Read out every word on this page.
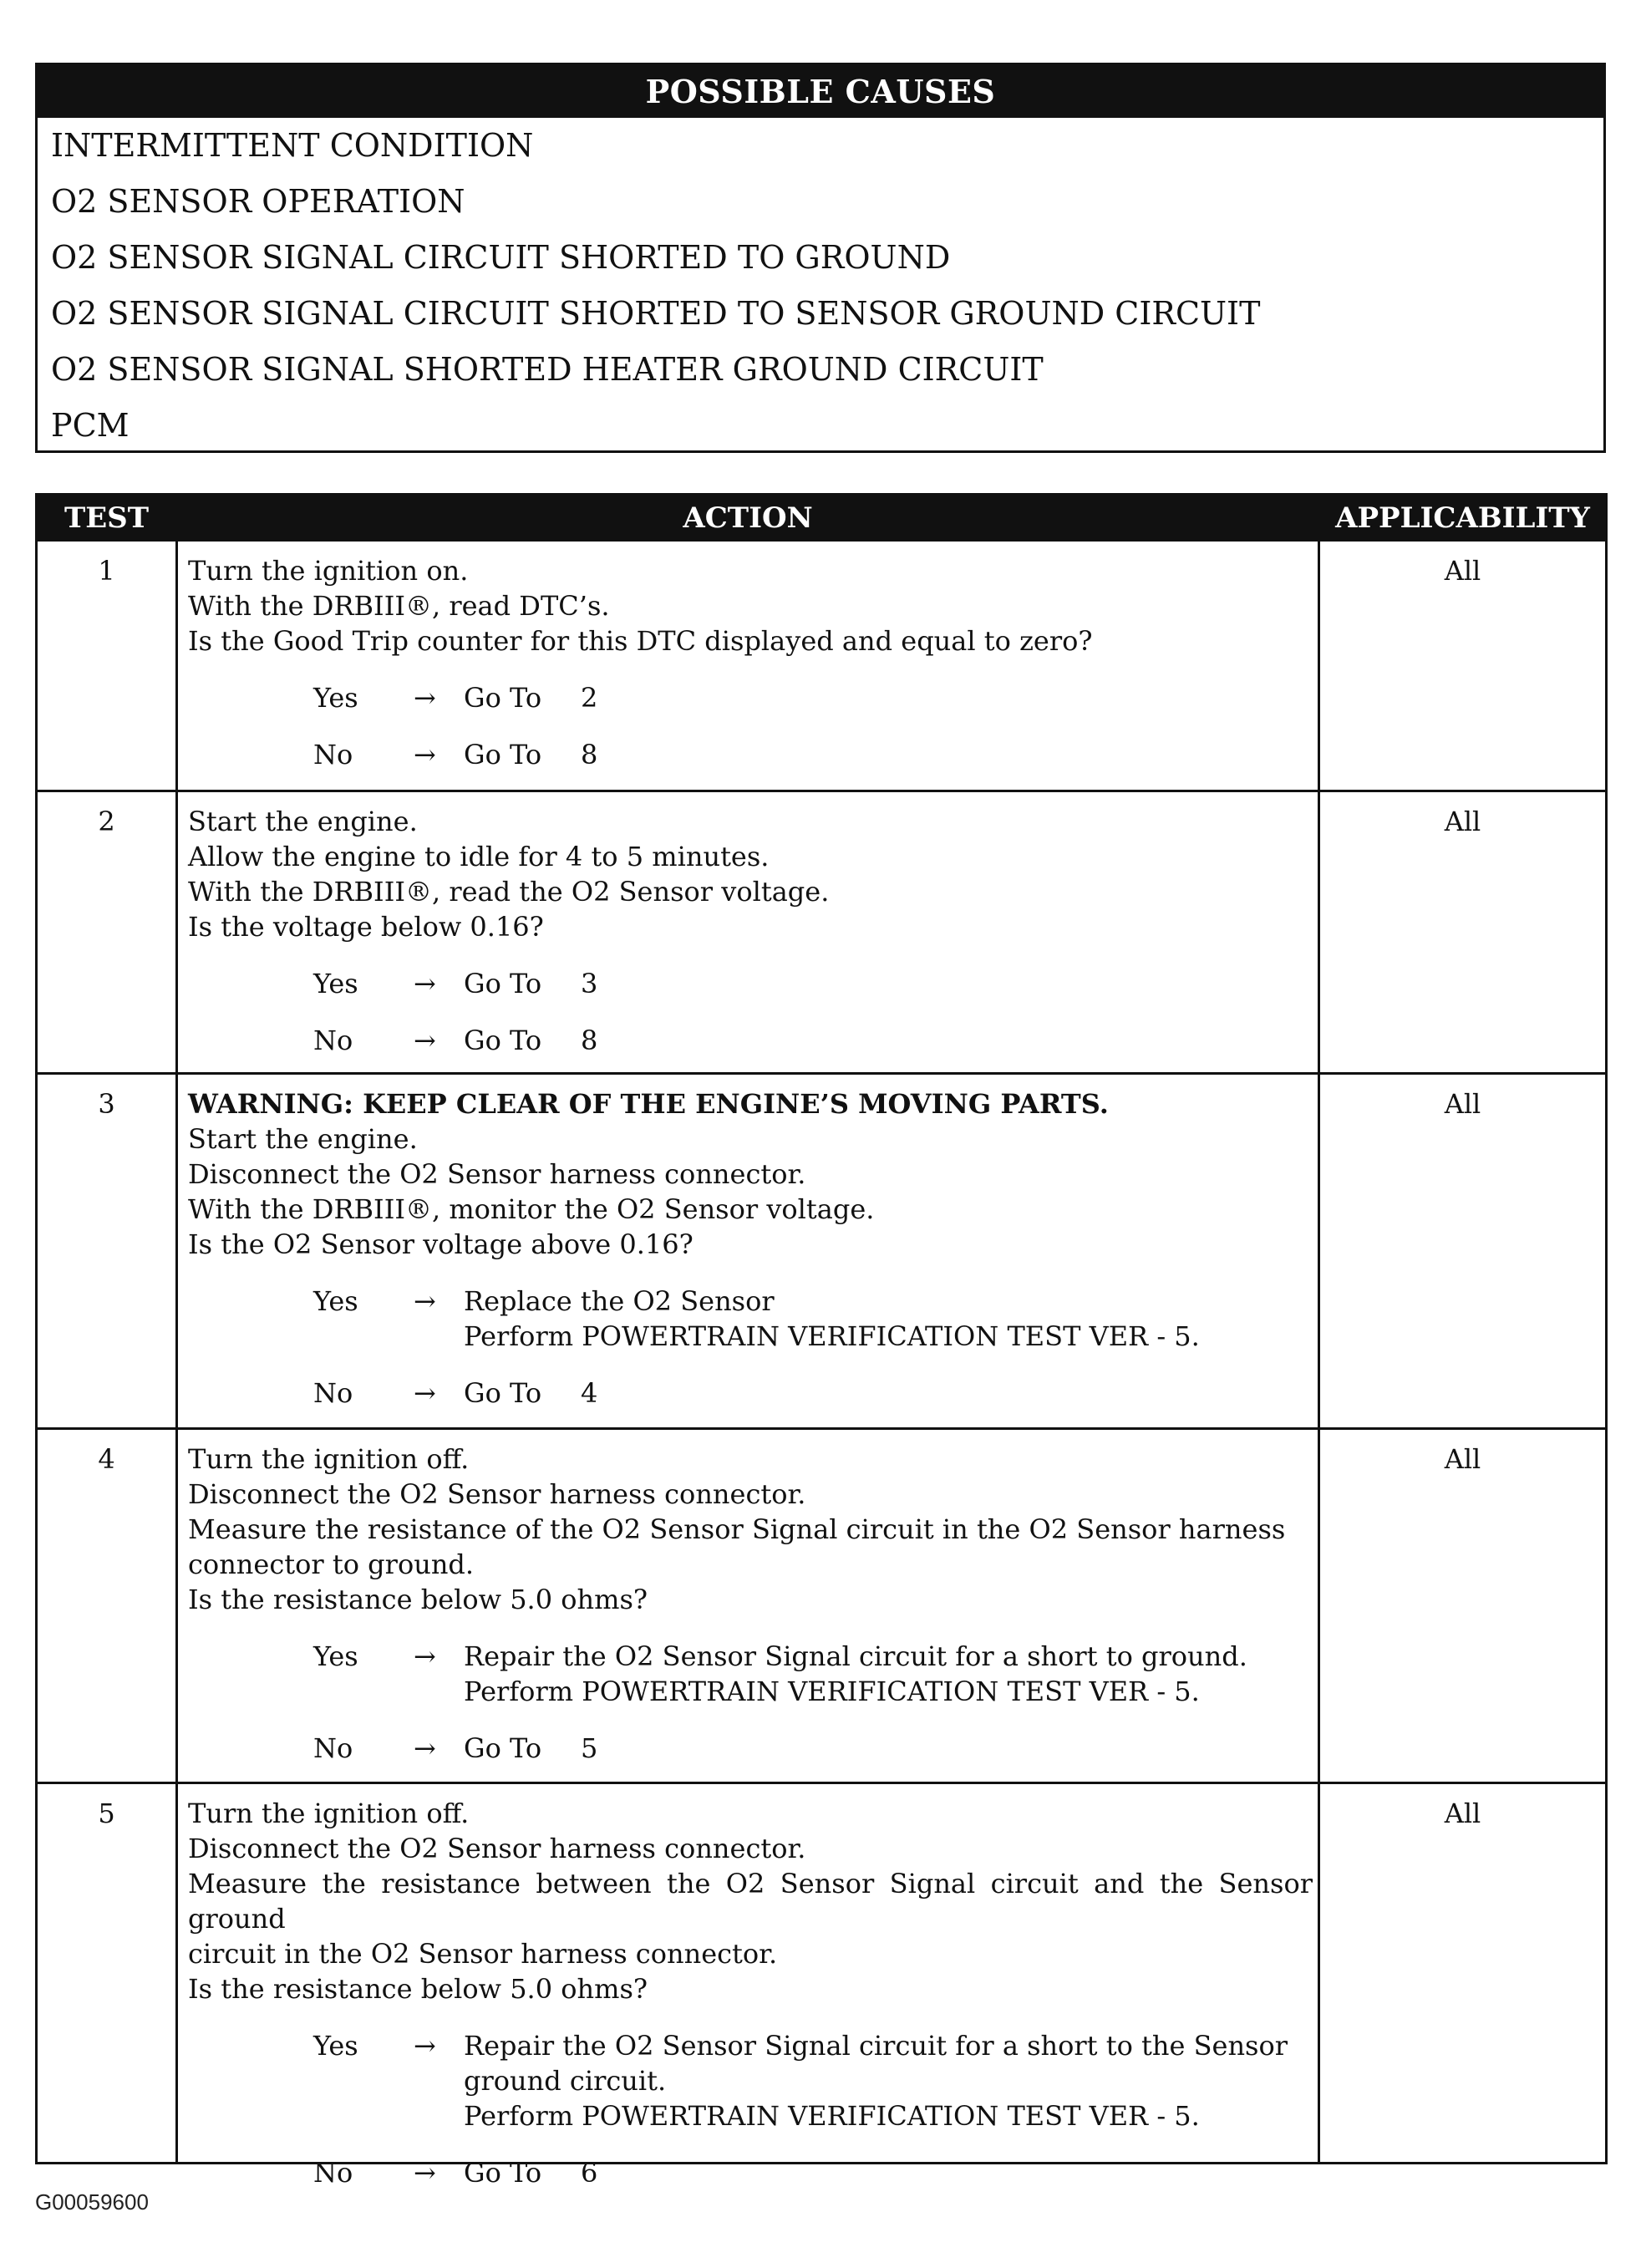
POSSIBLE CAUSES
INTERMITTENT CONDITION
O2 SENSOR OPERATION
O2 SENSOR SIGNAL CIRCUIT SHORTED TO GROUND
O2 SENSOR SIGNAL CIRCUIT SHORTED TO SENSOR GROUND CIRCUIT
O2 SENSOR SIGNAL SHORTED HEATER GROUND CIRCUIT
PCM
TEST	ACTION	APPLICABILITY
1	Turn the ignition on.
With the DRBIII®, read DTC’s.
Is the Good Trip counter for this DTC displayed and equal to zero?
Yes → Go To 2
No → Go To 8
All
2	Start the engine.
Allow the engine to idle for 4 to 5 minutes.
With the DRBIII®, read the O2 Sensor voltage.
Is the voltage below 0.16?
Yes → Go To 3
No → Go To 8
All
3	WARNING: KEEP CLEAR OF THE ENGINE’S MOVING PARTS.
Start the engine.
Disconnect the O2 Sensor harness connector.
With the DRBIII®, monitor the O2 Sensor voltage.
Is the O2 Sensor voltage above 0.16?
Yes → Replace the O2 Sensor
Perform POWERTRAIN VERIFICATION TEST VER - 5.
No → Go To 4
All
4	Turn the ignition off.
Disconnect the O2 Sensor harness connector.
Measure the resistance of the O2 Sensor Signal circuit in the O2 Sensor harness
connector to ground.
Is the resistance below 5.0 ohms?
Yes → Repair the O2 Sensor Signal circuit for a short to ground.
Perform POWERTRAIN VERIFICATION TEST VER - 5.
No → Go To 5
All
5	Turn the ignition off.
Disconnect the O2 Sensor harness connector.
Measure the resistance between the O2 Sensor Signal circuit and the Sensor ground
circuit in the O2 Sensor harness connector.
Is the resistance below 5.0 ohms?
Yes → Repair the O2 Sensor Signal circuit for a short to the Sensor
ground circuit.
Perform POWERTRAIN VERIFICATION TEST VER - 5.
No → Go To 6
All
G00059600
